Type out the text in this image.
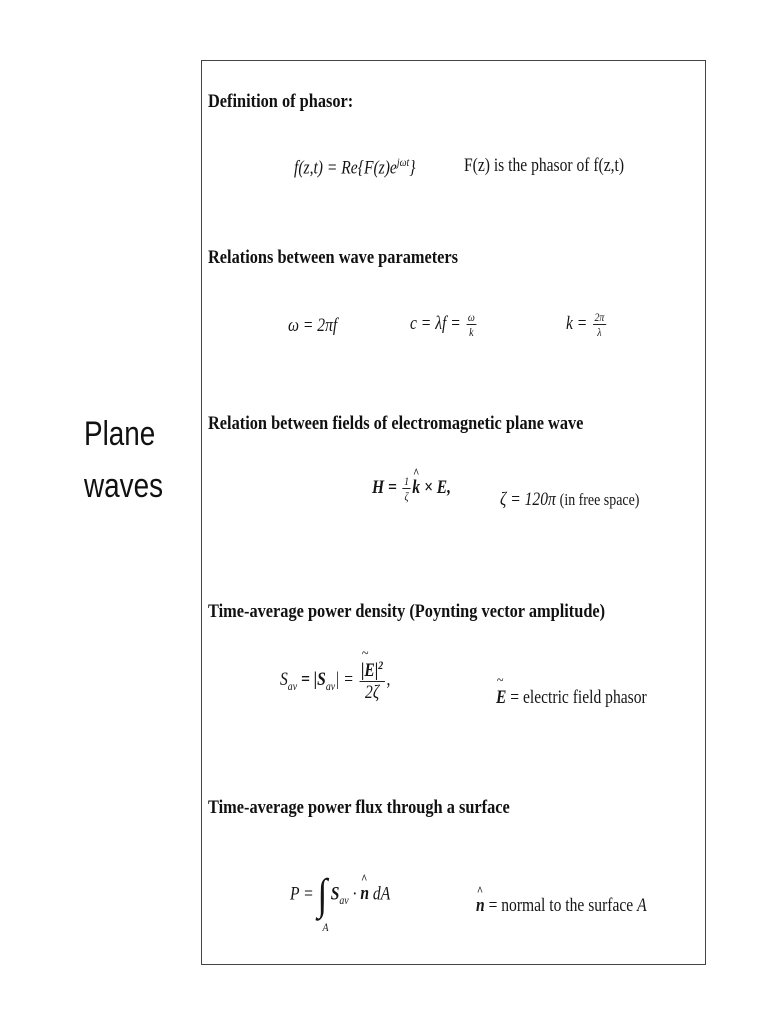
Plane
waves
Definition of phasor:
$f(z,t) = Re\{F(z)e^{j\omega t}\}$	F(z) is the phasor of f(z,t)
Relations between wave parameters
ω = 2πf	$c = \lambda f = \frac{\omega}{k}$	$k = \frac{2\pi}{\lambda}$
Relation between fields of electromagnetic plane wave
$H = \frac{1}{\zeta}$ ^ k × E,
ζ = 120π (in free space)
Time-average power density (Poynting vector amplitude)
$S_{av} = |S_{av}|$ = ~ $\frac{|E|^2}{2\zeta}$ ,
~ E = electric field phasor
Time-average power flux through a surface
P = ∫
A
$S_{av}$ · ^ n dA
^ n = normal to the surface A
